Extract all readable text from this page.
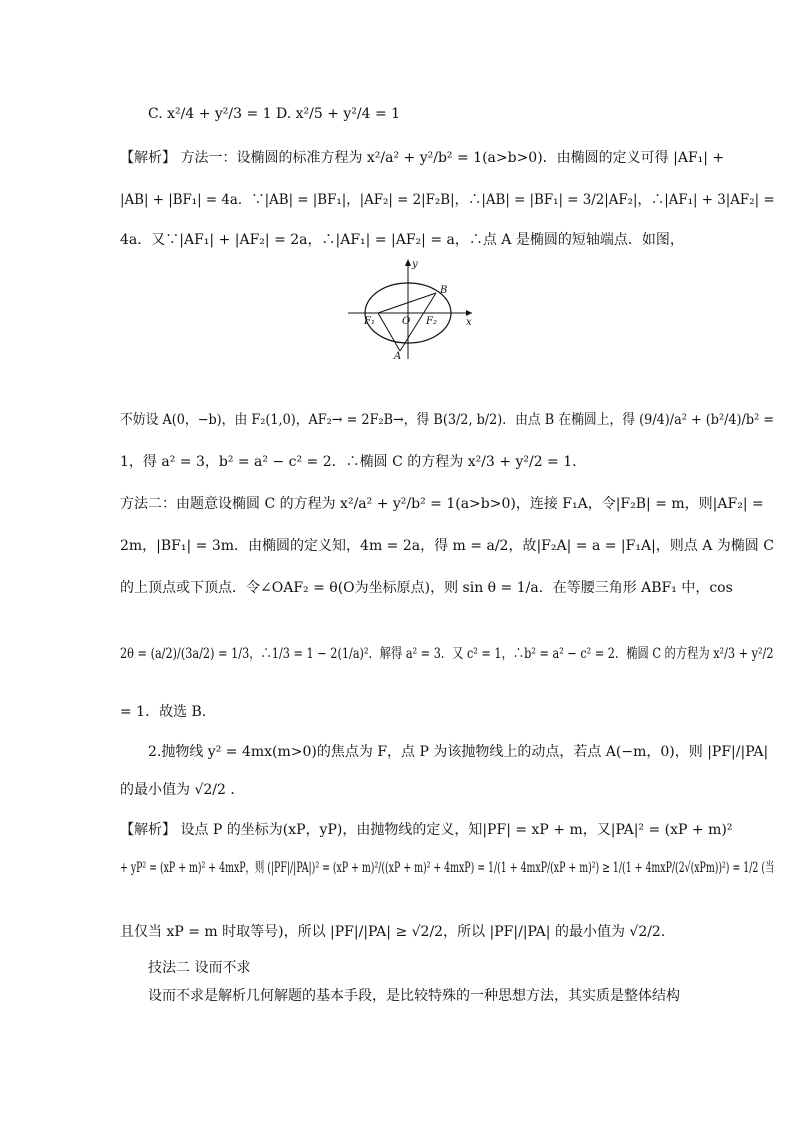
C. x²/4 + y²/3 = 1 D. x²/5 + y²/4 = 1
【解析】 方法一：设椭圆的标准方程为 x²/a² + y²/b² = 1(a>b>0)．由椭圆的定义可得 |AF₁| +
|AB| + |BF₁| = 4a．∵|AB| = |BF₁|，|AF₂| = 2|F₂B|，∴|AB| = |BF₁| = 3/2|AF₂|，∴|AF₁| + 3|AF₂| =
4a．又∵|AF₁| + |AF₂| = 2a，∴|AF₁| = |AF₂| = a，∴点 A 是椭圆的短轴端点．如图，
y
x
B
O
F₁	F₂
A
不妨设 A(0，−b)，由 F₂(1,0)，AF₂→ = 2F₂B→，得 B(3/2, b/2)．由点 B 在椭圆上，得 (9/4)/a² + (b²/4)/b² =
1，得 a² = 3，b² = a² − c² = 2．∴椭圆 C 的方程为 x²/3 + y²/2 = 1．
方法二：由题意设椭圆 C 的方程为 x²/a² + y²/b² = 1(a>b>0)，连接 F₁A，令|F₂B| = m，则|AF₂| =
2m，|BF₁| = 3m．由椭圆的定义知，4m = 2a，得 m = a/2，故|F₂A| = a = |F₁A|，则点 A 为椭圆 C
的上顶点或下顶点．令∠OAF₂ = θ(O为坐标原点)，则 sin θ = 1/a．在等腰三角形 ABF₁ 中，cos
2θ = (a/2)/(3a/2) = 1/3，∴1/3 = 1 − 2(1/a)²．解得 a² = 3．又 c² = 1，∴b² = a² − c² = 2．椭圆 C 的方程为 x²/3 + y²/2
= 1．故选 B．
2.抛物线 y² = 4mx(m>0)的焦点为 F，点 P 为该抛物线上的动点，若点 A(−m，0)，则 |PF|/|PA|
的最小值为 √2/2 ．
【解析】 设点 P 的坐标为(xP，yP)，由抛物线的定义，知|PF| = xP + m，又|PA|² = (xP + m)²
+ yP² = (xP + m)² + 4mxP，则 (|PF|/|PA|)² = (xP + m)²/((xP + m)² + 4mxP) = 1/(1 + 4mxP/(xP + m)²) ≥ 1/(1 + 4mxP/(2√(xPm))²) = 1/2 (当
且仅当 xP = m 时取等号)，所以 |PF|/|PA| ≥ √2/2，所以 |PF|/|PA| 的最小值为 √2/2．
技法二 设而不求
设而不求是解析几何解题的基本手段，是比较特殊的一种思想方法，其实质是整体结构
